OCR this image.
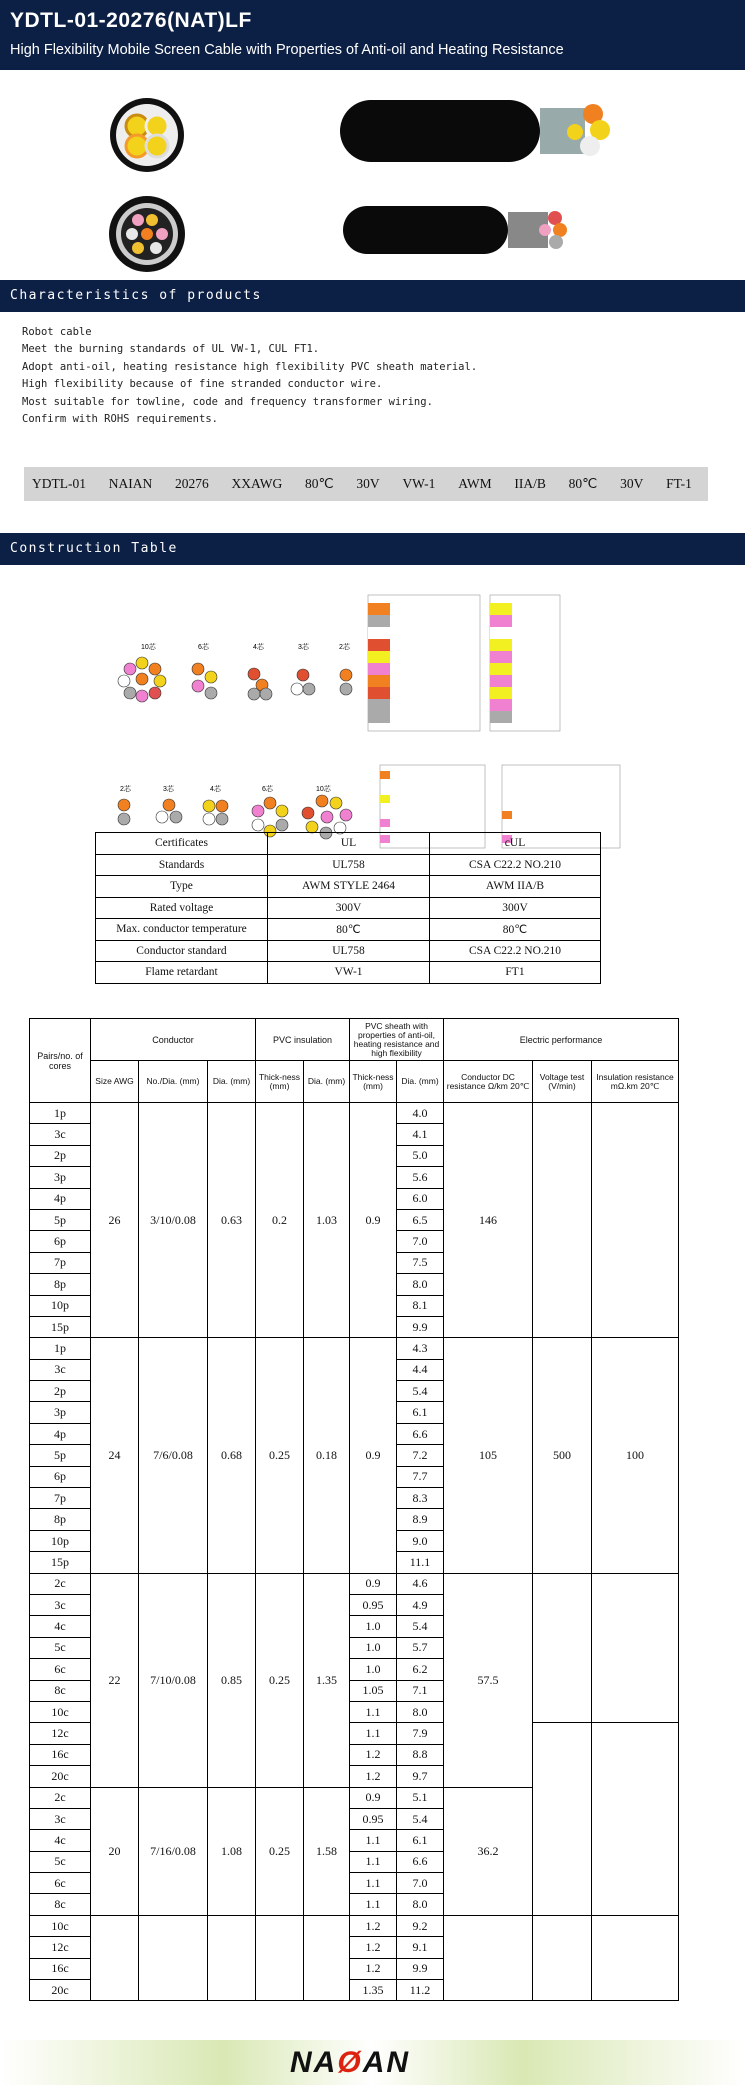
YDTL-01-20276(NAT)LF
High Flexibility Mobile Screen Cable with Properties of Anti-oil and Heating Resistance
Characteristics of products
Robot cable
Meet the burning standards of UL VW-1, CUL FT1.
Adopt anti-oil, heating resistance high flexibility PVC sheath material.
High flexibility because of fine stranded conductor wire.
Most suitable for towline, code and frequency transformer wiring.
Confirm with ROHS requirements.
YDTL-01 NAIAN 20276 XXAWG 80℃ 30V VW-1 AWM IIA/B 80℃ 30V FT-1
Construction Table
10芯	6芯	4芯	3芯	2芯
2芯	3芯	4芯	6芯	10芯
Certificates	UL	cUL
Standards	UL758	CSA C22.2 NO.210
Type	AWM STYLE 2464	AWM IIA/B
Rated voltage	300V	300V
Max. conductor temperature	80℃	80℃
Conductor standard	UL758	CSA C22.2 NO.210
Flame retardant	VW-1	FT1
Pairs/no. of cores	Conductor			PVC insulation		PVC sheath with properties of anti-oil, heating resistance and high flexibility		Electric performance		
	Size AWG	No./Dia. (mm)	Dia. (mm)	Thick-ness (mm)	Dia. (mm)	Thick-ness (mm)	Dia. (mm)	Conductor DC resistance Ω/km 20℃	Voltage test (V/min)	Insulation resistance mΩ.km 20℃
1p	26	3/10/0.08	0.63	0.2	1.03	0.9	4.0	146		
3c							4.1			
2p							5.0			
3p							5.6			
4p							6.0			
5p							6.5			
6p							7.0			
7p							7.5			
8p							8.0			
10p							8.1			
15p							9.9			
1p	24	7/6/0.08	0.68	0.25	0.18	0.9	4.3	105	500	100
3c							4.4			
2p							5.4			
3p							6.1			
4p							6.6			
5p							7.2			
6p							7.7			
7p							8.3			
8p							8.9			
10p							9.0			
15p							11.1			
2c	22	7/10/0.08	0.85	0.25	1.35	0.9	4.6	57.5		
3c						0.95	4.9			
4c						1.0	5.4			
5c						1.0	5.7			
6c						1.0	6.2			
8c						1.05	7.1			
10c						1.1	8.0			
12c						1.1	7.9			
16c						1.2	8.8			
20c						1.2	9.7			
2c	20	7/16/0.08	1.08	0.25	1.58	0.9	5.1	36.2		
3c						0.95	5.4			
4c						1.1	6.1			
5c						1.1	6.6			
6c						1.1	7.0			
8c						1.1	8.0			
10c						1.2	9.2			
12c						1.2	9.1			
16c						1.2	9.9			
20c						1.35	11.2			
NAØAN
